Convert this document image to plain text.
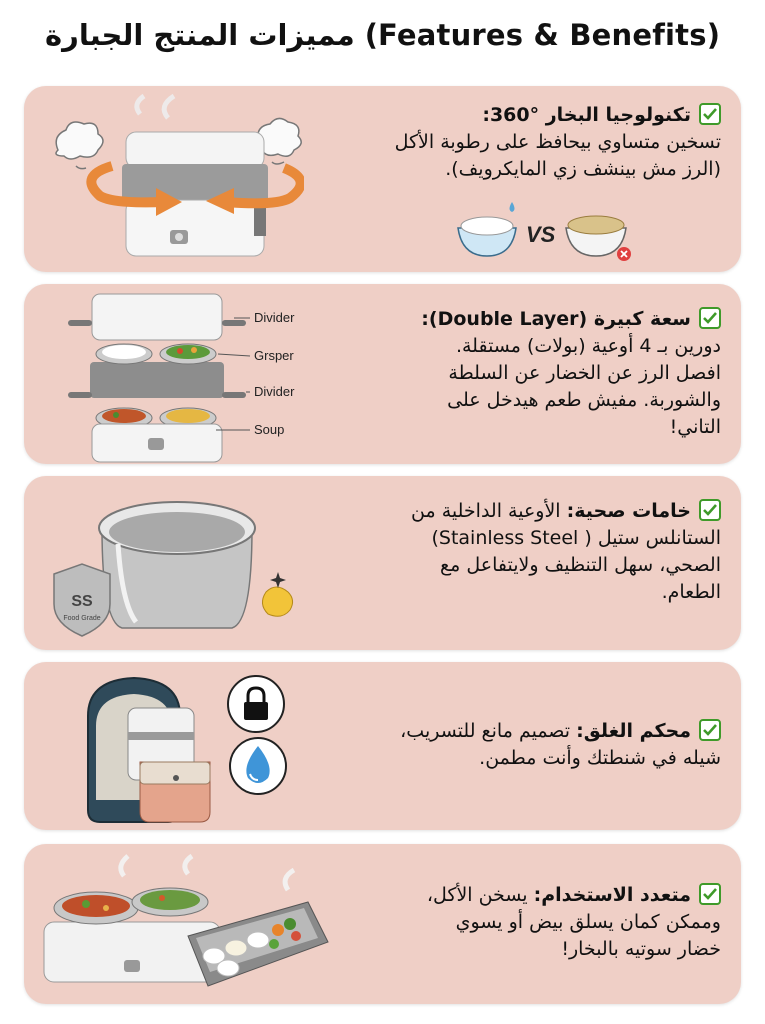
مميزات المنتج الجبارة (Features & Benefits)
VS
تكنولوجيا البخار °360:
تسخين متساوي بيحافظ على رطوبة الأكل
(الرز مش بينشف زي المايكرويف).
Divider
Grsper
Divider
Soup
سعة كبيرة (Double Layer):
دورين بـ 4 أوعية (بولات) مستقلة.
افصل الرز عن الخضار عن السلطة
والشوربة. مفيش طعم هيدخل على
التاني!
SS
Food Grade
خامات صحية: الأوعية الداخلية من
الستانلس ستيل ( Stainless Steel)
الصحي، سهل التنظيف ولايتفاعل مع
الطعام.
محكم الغلق: تصميم مانع للتسريب،
شيله في شنطتك وأنت مطمن.
متعدد الاستخدام: يسخن الأكل،
وممكن كمان يسلق بيض أو يسوي
خضار سوتيه بالبخار!
